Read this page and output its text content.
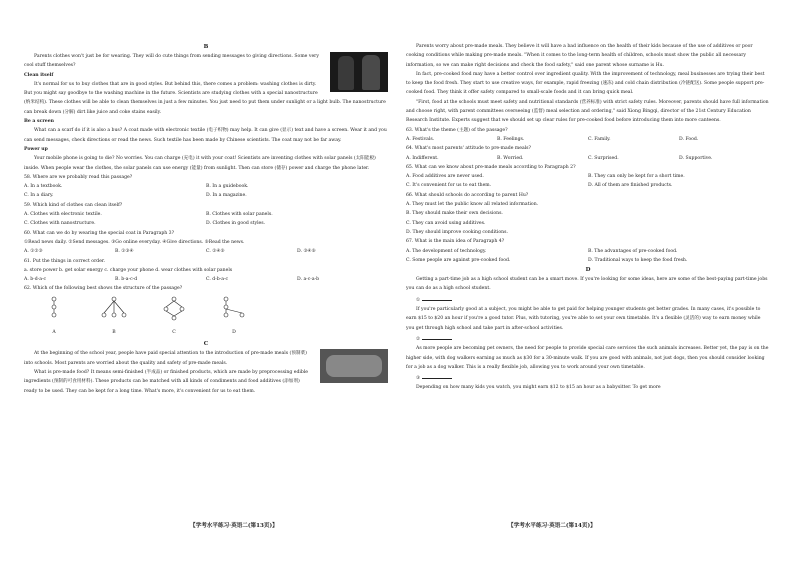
B

Parents clothes won't just be for wearing. They will do cute things from sending messages to giving directions. Some very cool stuff themselves?

Clean itself

It's normal for us to buy clothes that are in good styles. But behind this, there comes a problem: washing clothes is dirty. But you might say goodbye to the washing machine in the future. Scientists are studying clothes with a special nanostructure (纳米结构). These clothes will be able to clean themselves in just a few minutes. You just need to put them under sunlight or a light bulb. The nanostructure can break down (分解) dirt like juice and coke stains easily.

Be a screen

What can a scarf do if it is also a bus? A coat made with electronic textile (电子织物) may help. It can give (显示) text and have a screen. Wear it and you can send messages, check directions or read the news. Such textile has been made by Chinese scientists. The coat may not be far away.

Power up

Your mobile phone is going to die? No worries. You can charge (充电) it with your coat! Scientists are inventing clothes with solar panels (太阳能板) inside. When people wear the clothes, the solar panels can use energy (能量) from sunlight. Then can store (储存) power and charge the phone later.

58. Where are we probably read this passage?

A. In a textbook.	B. In a guidebook.
C. In a diary.	D. In a magazine.

59. Which kind of clothes can clean itself?

A. Clothes with electronic textile.	B. Clothes with solar panels.
C. Clothes with nanostructure.	D. Clothes in good styles.

60. What can we do by wearing the special coat in Paragraph 3?

①Read news daily. ②Send messages. ③Go online everyday. ④Give directions. ⑤Read the news.

A. ①②③	B. ①③④	C. ②④⑤	D. ③④⑤

61. Put the things in correct order.

a. store power b. get solar energy c. charge your phone d. wear clothes with solar panels

A. b-d-a-c	B. b-a-c-d	C. d-b-a-c	D. a-c-a-b

62. Which of the following best shows the structure of the passage?

A	B	C	D
C

At the beginning of the school year, people have paid special attention to the introduction of pre-made meals (预制菜) into schools. Most parents are worried about the quality and safety of pre-made meals.

What is pre-made food? It means semi-finished (半成品) or finished products, which are made by preprocessing edible ingredients (预制的可食用材料). These products can be matched with all kinds of condiments and food additives (添加剂) ready to be used. They can be kept for a long time. What's more, it's convenient for us to eat them.

【学考水平练习·英语二(第13页)】

Parents worry about pre-made meals. They believe it will have a bad influence on the health of their kids because of the use of additives or poor cooking conditions while making pre-made meals. "When it comes to the long-term health of children, schools must show the public all necessary information, so we can make right decisions and check the food safety," said one parent whose surname is Hu.

In fact, pre-cooked food may have a better control over ingredient quality. With the improvement of technology, meal businesses are trying their best to keep the food fresh. They start to use creative ways, for example, rapid freezing (速冻) and cold chain distribution (冷链配送). Some people support pre-cooked food. They think it offer safety compared to small-scale foods and it can bring quick meal.

"First, food at the schools must meet safety and nutritional standards (营养标准) with strict safety rules. Moreover, parents should have full information and choose right, with parent committees overseeing (监督) meal selection and ordering," said Xiong Bingqi, director of the 21st Century Education Research Institute. Experts suggest that we should set up clear rules for pre-cooked food before introducing them into more canteens.

63. What's the theme (主题) of the passage?

A. Festivals.	B. Feelings.	C. Family.	D. Food.

64. What's most parents' attitude to pre-made meals?

A. Indifferent.	B. Worried.	C. Surprised.	D. Supportive.

65. What can we know about pre-made meals according to Paragraph 2?

A. Food additives are never used.	B. They can only be kept for a short time.
C. It's convenient for us to eat them.	D. All of them are finished products.

66. What should schools do according to parent Hu?

A. They must let the public know all related information.

B. They should make their own decisions.

C. They can avoid using additives.

D. They should improve cooking conditions.

67. What is the main idea of Paragraph 4?

A. The development of technology.	B. The advantages of pre-cooked food.
C. Some people are against pre-cooked food.	D. Traditional ways to keep the food fresh.
D

Getting a part-time job as a high school student can be a smart move. If you're looking for some ideas, here are some of the best-paying part-time jobs you can do as a high school student.

①

If you're particularly good at a subject, you might be able to get paid for helping younger students get better grades. In many cases, it's possible to earn $15 to $20 an hour if you're a good tutor. Plus, with tutoring, you're able to set your own timetable. It's a flexible (灵活的) way to earn money while you get through high school and take part in after-school activities.

②

As more people are becoming pet owners, the need for people to provide special care services the such animals increases. Better yet, the pay is on the higher side, with dog walkers earning as much as $30 for a 30-minute walk. If you are good with animals, not just dogs, then you should consider looking for a job as a dog walker. This is a really flexible job, allowing you to work around your own timetable.

③

Depending on how many kids you watch, you might earn $12 to $15 an hour as a babysitter. To get more

【学考水平练习·英语二(第14页)】
